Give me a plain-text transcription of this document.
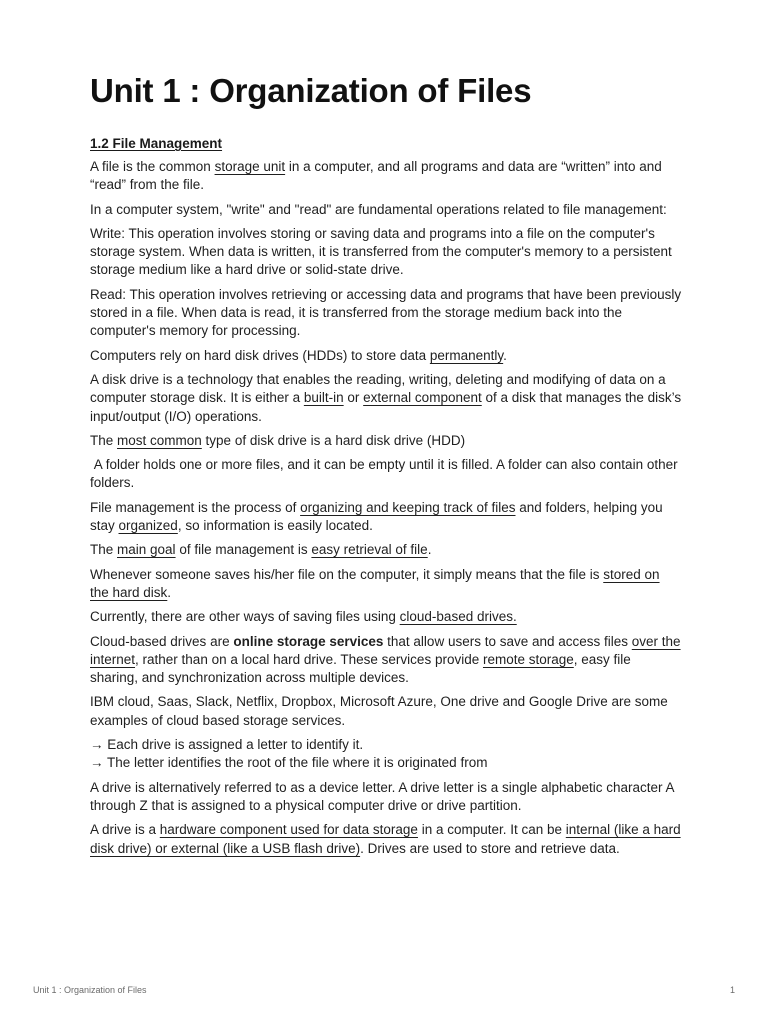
Unit 1 : Organization of Files
1.2 File Management

A file is the common storage unit in a computer, and all programs and data are “written” into and “read” from the file.

In a computer system, "write" and "read" are fundamental operations related to file management:

Write: This operation involves storing or saving data and programs into a file on the computer's storage system. When data is written, it is transferred from the computer's memory to a persistent storage medium like a hard drive or solid-state drive.

Read: This operation involves retrieving or accessing data and programs that have been previously stored in a file. When data is read, it is transferred from the storage medium back into the computer's memory for processing.

Computers rely on hard disk drives (HDDs) to store data permanently.

A disk drive is a technology that enables the reading, writing, deleting and modifying of data on a computer storage disk. It is either a built-in or external component of a disk that manages the disk’s input/output (I/O) operations.

The most common type of disk drive is a hard disk drive (HDD)

A folder holds one or more files, and it can be empty until it is filled. A folder can also contain other folders.

File management is the process of organizing and keeping track of files and folders, helping you stay organized, so information is easily located.

The main goal of file management is easy retrieval of file.

Whenever someone saves his/her file on the computer, it simply means that the file is stored on the hard disk.

Currently, there are other ways of saving files using cloud-based drives.

Cloud-based drives are online storage services that allow users to save and access files over the internet, rather than on a local hard drive. These services provide remote storage, easy file sharing, and synchronization across multiple devices.

IBM cloud, Saas, Slack, Netflix, Dropbox, Microsoft Azure, One drive and Google Drive are some examples of cloud based storage services.

→ Each drive is assigned a letter to identify it.

→ The letter identifies the root of the file where it is originated from

A drive is alternatively referred to as a device letter. A drive letter is a single alphabetic character A through Z that is assigned to a physical computer drive or drive partition.

A drive is a hardware component used for data storage in a computer. It can be internal (like a hard disk drive) or external (like a USB flash drive). Drives are used to store and retrieve data.

Unit 1 : Organization of Files	1
